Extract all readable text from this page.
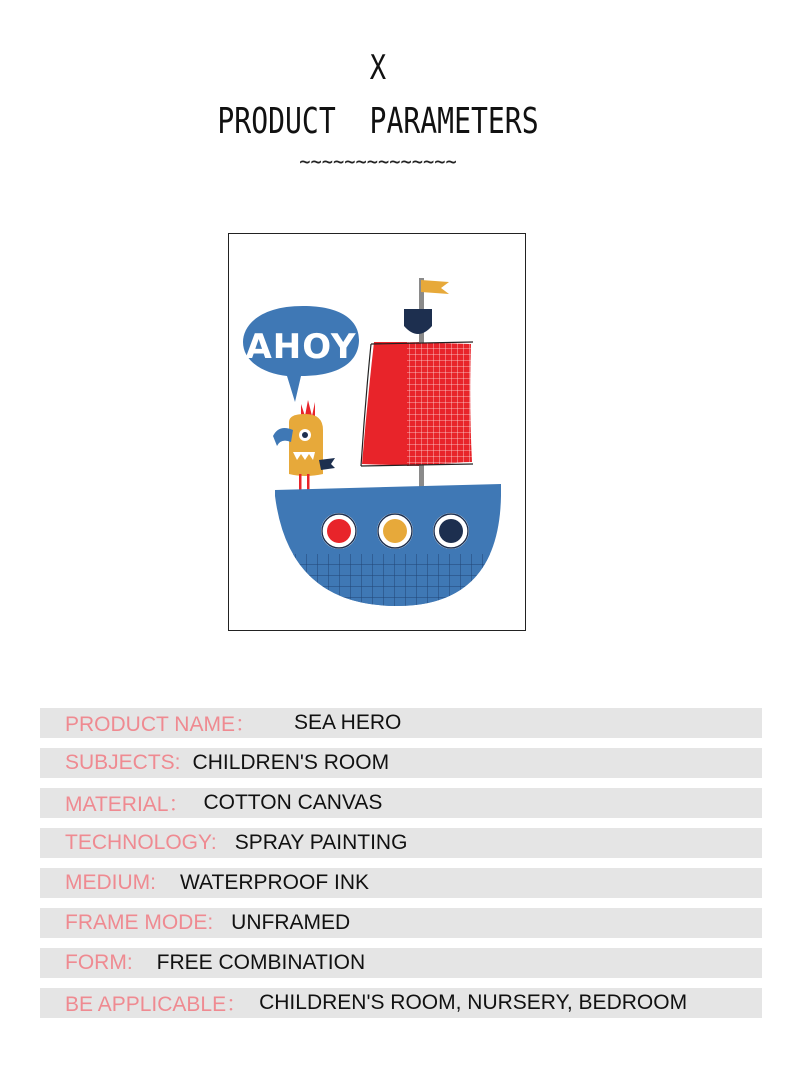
X
PRODUCT  PARAMETERS
~~~~~~~~~~~~~~
AHOY
PRODUCT NAME： SEA HERO
SUBJECTS: CHILDREN'S ROOM
MATERIAL： COTTON CANVAS
TECHNOLOGY: SPRAY PAINTING
MEDIUM: WATERPROOF INK
FRAME MODE: UNFRAMED
FORM: FREE COMBINATION
BE APPLICABLE： CHILDREN'S ROOM, NURSERY, BEDROOM
